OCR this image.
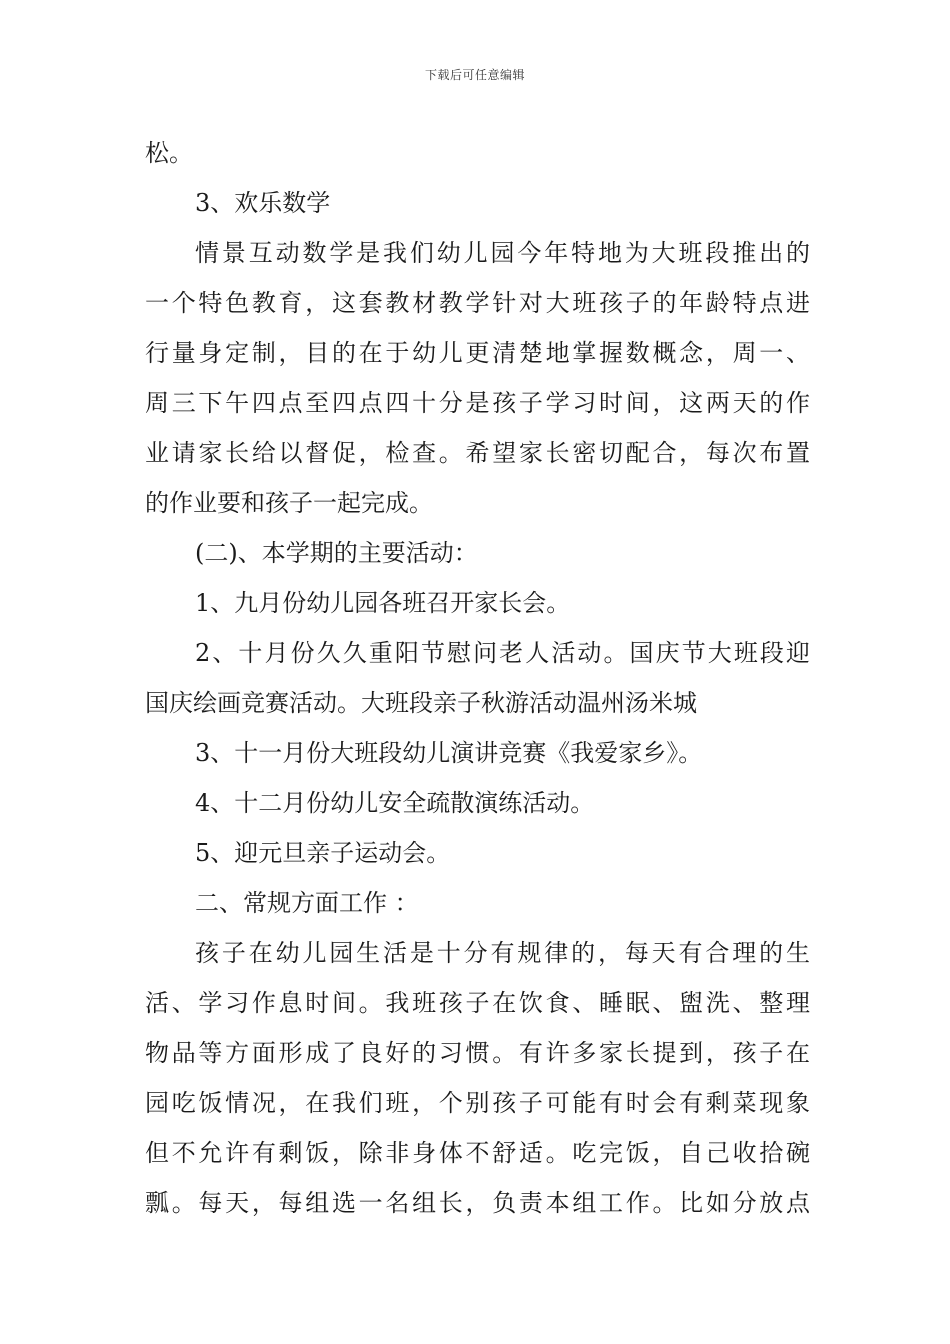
下载后可任意编辑
松。
3、欢乐数学
情景互动数学是我们幼儿园今年特地为大班段推出的
一个特色教育，这套教材教学针对大班孩子的年龄特点进
行量身定制，目的在于幼儿更清楚地掌握数概念，周一、
周三下午四点至四点四十分是孩子学习时间，这两天的作
业请家长给以督促，检查。希望家长密切配合，每次布置
的作业要和孩子一起完成。
(二)、本学期的主要活动：
1、九月份幼儿园各班召开家长会。
2、十月份久久重阳节慰问老人活动。国庆节大班段迎
国庆绘画竞赛活动。大班段亲子秋游活动温州汤米城
3、十一月份大班段幼儿演讲竞赛《我爱家乡》。
4、十二月份幼儿安全疏散演练活动。
5、迎元旦亲子运动会。
二、常规方面工作 ：
孩子在幼儿园生活是十分有规律的，每天有合理的生
活、学习作息时间。我班孩子在饮食、睡眠、盥洗、整理
物品等方面形成了良好的习惯。有许多家长提到，孩子在
园吃饭情况，在我们班，个别孩子可能有时会有剩菜现象
但不允许有剩饭，除非身体不舒适。吃完饭，自己收拾碗
瓢。每天，每组选一名组长，负责本组工作。比如分放点
